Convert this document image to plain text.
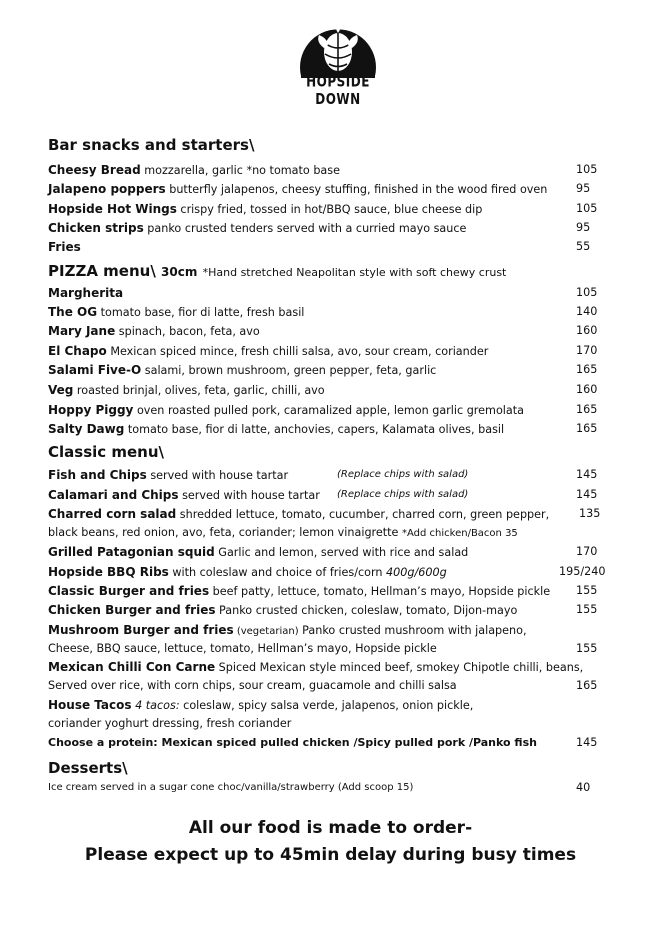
HOPSIDE DOWN
Bar snacks and starters\
Cheesy Bread mozzarella, garlic *no tomato base	105
Jalapeno poppers butterfly jalapenos, cheesy stuffing, finished in the wood fired oven	95
Hopside Hot Wings crispy fried, tossed in hot/BBQ sauce, blue cheese dip	105
Chicken strips panko crusted tenders served with a curried mayo sauce	95
Fries	55
PIZZA menu\ 30cm *Hand stretched Neapolitan style with soft chewy crust
Margherita	105
The OG tomato base, fior di latte, fresh basil	140
Mary Jane spinach, bacon, feta, avo	160
El Chapo Mexican spiced mince, fresh chilli salsa, avo, sour cream, coriander	170
Salami Five-O salami, brown mushroom, green pepper, feta, garlic	165
Veg roasted brinjal, olives, feta, garlic, chilli, avo	160
Hoppy Piggy oven roasted pulled pork, caramalized apple, lemon garlic gremolata	165
Salty Dawg tomato base, fior di latte, anchovies, capers, Kalamata olives, basil	165
Classic menu\
Fish and Chips served with house tartar	(Replace chips with salad)	145
Calamari and Chips served with house tartar (Replace chips with salad)	145
Charred corn salad shredded lettuce, tomato, cucumber, charred corn, green pepper,	135
black beans, red onion, avo, feta, coriander; lemon vinaigrette *Add chicken/Bacon 35
Grilled Patagonian squid Garlic and lemon, served with rice and salad	170
Hopside BBQ Ribs with coleslaw and choice of fries/corn 400g/600g	195/240
Classic Burger and fries beef patty, lettuce, tomato, Hellman’s mayo, Hopside pickle 155
Chicken Burger and fries Panko crusted chicken, coleslaw, tomato, Dijon-mayo	155
Mushroom Burger and fries (vegetarian) Panko crusted mushroom with jalapeno,
Cheese, BBQ sauce, lettuce, tomato, Hellman’s mayo, Hopside pickle	155
Mexican Chilli Con Carne Spiced Mexican style minced beef, smokey Chipotle chilli, beans,
Served over rice, with corn chips, sour cream, guacamole and chilli salsa	165
House Tacos 4 tacos: coleslaw, spicy salsa verde, jalapenos, onion pickle,
coriander yoghurt dressing, fresh coriander
Choose a protein: Mexican spiced pulled chicken /Spicy pulled pork /Panko fish	145
Desserts\
Ice cream served in a sugar cone choc/vanilla/strawberry (Add scoop 15)	40
All our food is made to order-
Please expect up to 45min delay during busy times
